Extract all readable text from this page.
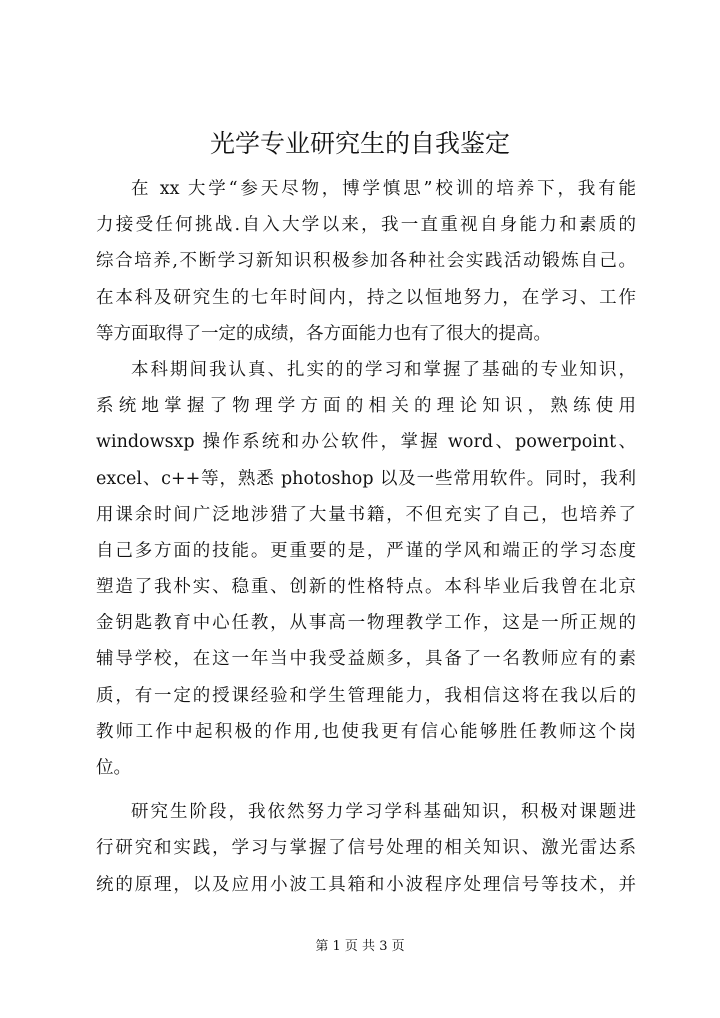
光学专业研究生的自我鉴定
在 xx 大学“参天尽物，博学慎思”校训的培养下，我有能
力接受任何挑战.自入大学以来，我一直重视自身能力和素质的
综合培养,不断学习新知识积极参加各种社会实践活动锻炼自己。
在本科及研究生的七年时间内，持之以恒地努力，在学习、工作
等方面取得了一定的成绩，各方面能力也有了很大的提高。
本科期间我认真、扎实的的学习和掌握了基础的专业知识，
系统地掌握了物理学方面的相关的理论知识，熟练使用
windowsxp 操作系统和办公软件，掌握 word、powerpoint、
excel、c++等，熟悉 photoshop 以及一些常用软件。同时，我利
用课余时间广泛地涉猎了大量书籍，不但充实了自己，也培养了
自己多方面的技能。更重要的是，严谨的学风和端正的学习态度
塑造了我朴实、稳重、创新的性格特点。本科毕业后我曾在北京
金钥匙教育中心任教，从事高一物理教学工作，这是一所正规的
辅导学校，在这一年当中我受益颇多，具备了一名教师应有的素
质，有一定的授课经验和学生管理能力，我相信这将在我以后的
教师工作中起积极的作用,也使我更有信心能够胜任教师这个岗
位。
研究生阶段，我依然努力学习学科基础知识，积极对课题进
行研究和实践，学习与掌握了信号处理的相关知识、激光雷达系
统的原理，以及应用小波工具箱和小波程序处理信号等技术，并
第 1 页 共 3 页
